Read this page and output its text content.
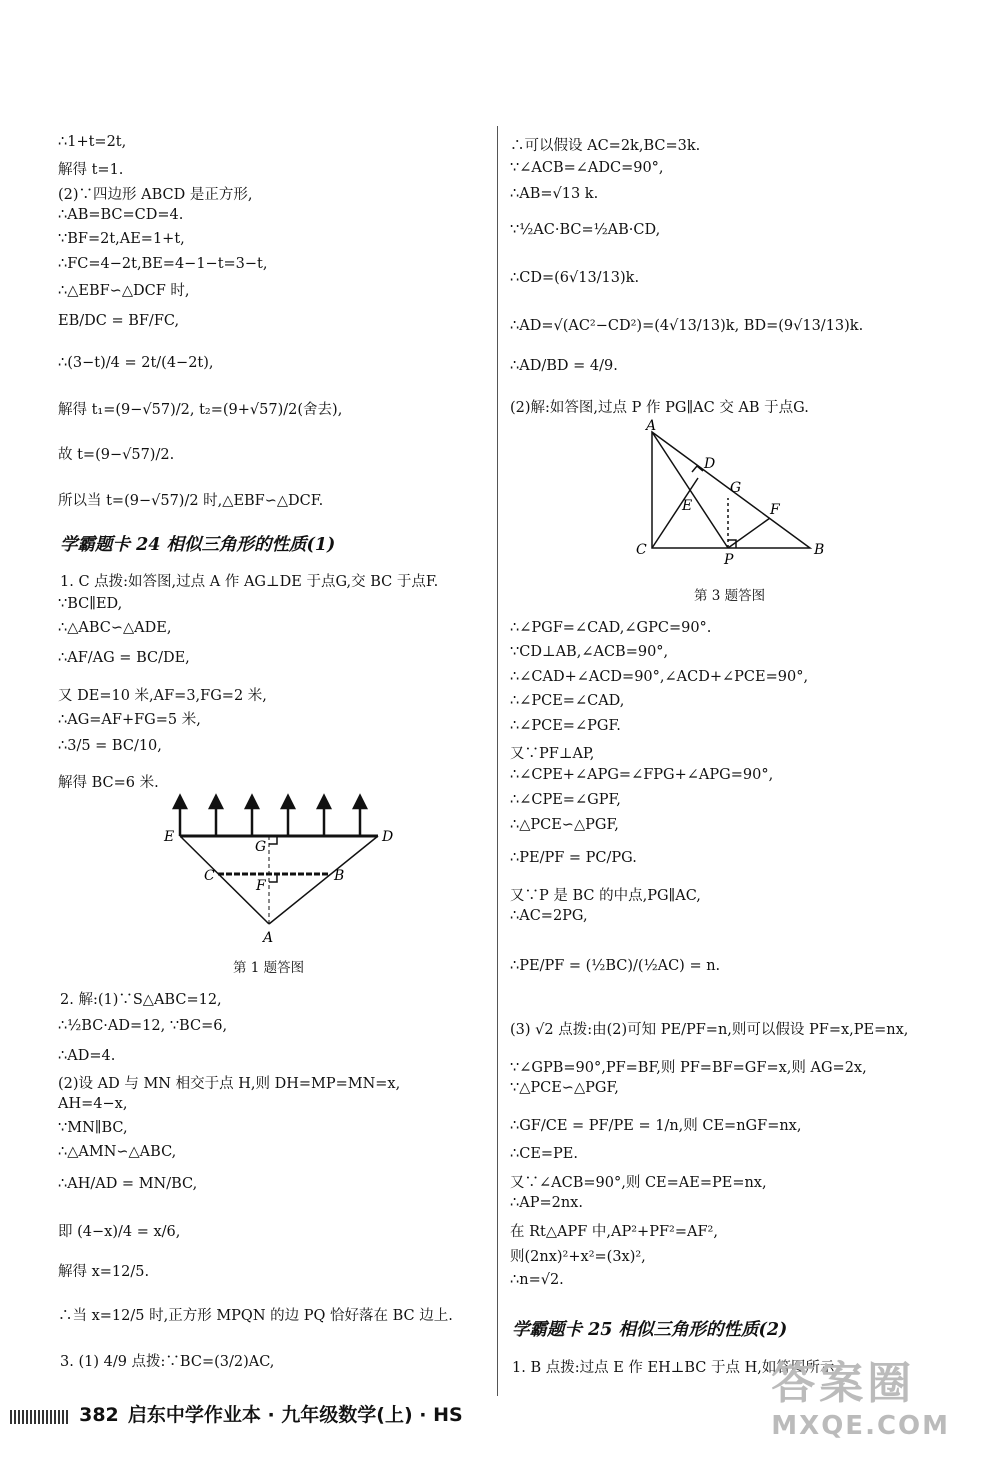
∴1+t=2t,
解得 t=1.
(2)∵四边形 ABCD 是正方形,
∴AB=BC=CD=4.
∵BF=2t,AE=1+t,
∴FC=4−2t,BE=4−1−t=3−t,
∴△EBF∽△DCF 时,
EB/DC = BF/FC,
∴(3−t)/4 = 2t/(4−2t),
解得 t₁=(9−√57)/2, t₂=(9+√57)/2(舍去),
故 t=(9−√57)/2.
所以当 t=(9−√57)/2 时,△EBF∽△DCF.
学霸题卡 24 相似三角形的性质(1)
1. C 点拨:如答图,过点 A 作 AG⊥DE 于点G,交 BC 于点F.
∵BC∥ED,
∴△ABC∽△ADE,
∴AF/AG = BC/DE,
又 DE=10 米,AF=3,FG=2 米,
∴AG=AF+FG=5 米,
∴3/5 = BC/10,
解得 BC=6 米.
E
G
D
C
F
B
A
第 1 题答图
2. 解:(1)∵S△ABC=12,
∴½BC·AD=12, ∵BC=6,
∴AD=4.
(2)设 AD 与 MN 相交于点 H,则 DH=MP=MN=x,
AH=4−x,
∵MN∥BC,
∴△AMN∽△ABC,
∴AH/AD = MN/BC,
即 (4−x)/4 = x/6,
解得 x=12/5.
∴当 x=12/5 时,正方形 MPQN 的边 PQ 恰好落在 BC 边上.
3. (1) 4/9 点拨:∵BC=(3/2)AC,
∴可以假设 AC=2k,BC=3k.
∵∠ACB=∠ADC=90°,
∴AB=√13 k.
∵½AC·BC=½AB·CD,
∴CD=(6√13/13)k.
∴AD=√(AC²−CD²)=(4√13/13)k, BD=(9√13/13)k.
∴AD/BD = 4/9.
(2)解:如答图,过点 P 作 PG∥AC 交 AB 于点G.
A
D
G
E	F
C
P
B
第 3 题答图
∴∠PGF=∠CAD,∠GPC=90°.
∵CD⊥AB,∠ACB=90°,
∴∠CAD+∠ACD=90°,∠ACD+∠PCE=90°,
∴∠PCE=∠CAD,
∴∠PCE=∠PGF.
又∵PF⊥AP,
∴∠CPE+∠APG=∠FPG+∠APG=90°,
∴∠CPE=∠GPF,
∴△PCE∽△PGF,
∴PE/PF = PC/PG.
又∵P 是 BC 的中点,PG∥AC,
∴AC=2PG,
∴PE/PF = (½BC)/(½AC) = n.
(3) √2 点拨:由(2)可知 PE/PF=n,则可以假设 PF=x,PE=nx,
∵∠GPB=90°,PF=BF,则 PF=BF=GF=x,则 AG=2x,
∵△PCE∽△PGF,
∴GF/CE = PF/PE = 1/n,则 CE=nGF=nx,
∴CE=PE.
又∵∠ACB=90°,则 CE=AE=PE=nx,
∴AP=2nx.
在 Rt△APF 中,AP²+PF²=AF²,
则(2nx)²+x²=(3x)²,
∴n=√2.
学霸题卡 25 相似三角形的性质(2)
1. B 点拨:过点 E 作 EH⊥BC 于点 H,如答图所示.
382 启东中学作业本 · 九年级数学(上) · HS
答案圈
MXQE.COM
